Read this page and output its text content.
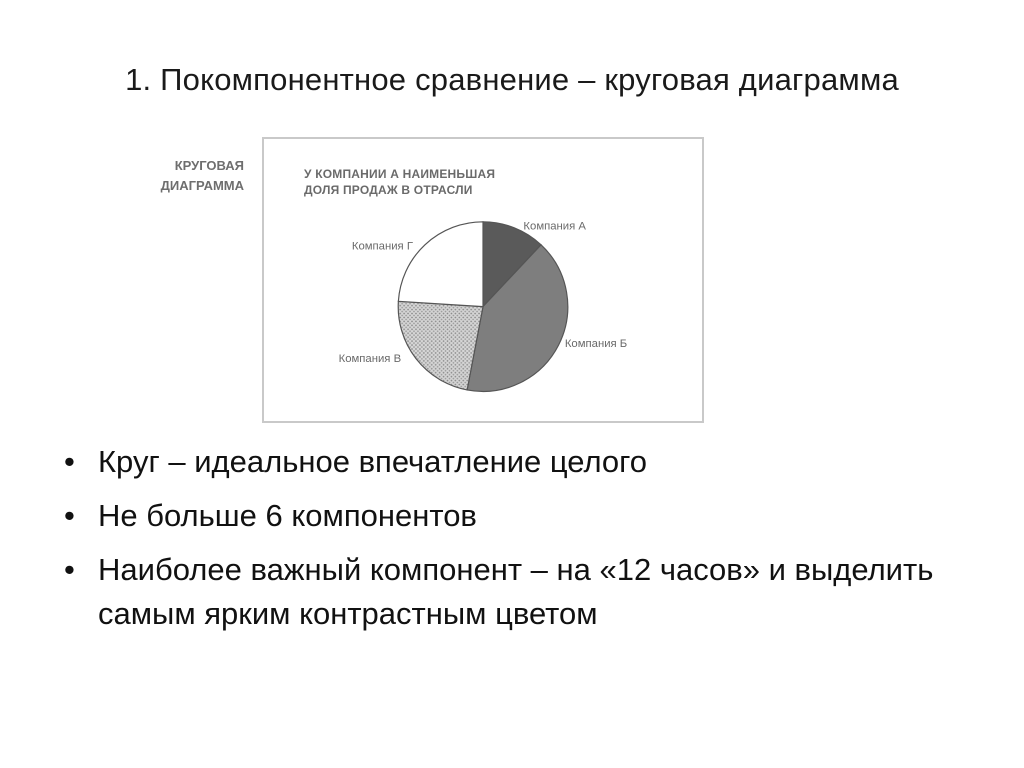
1. Покомпонентное сравнение – круговая диаграмма
КРУГОВАЯ
ДИАГРАММА
Компания А
Компания Б
Компания В
Компания Г
У КОМПАНИИ А НАИМЕНЬШАЯ
ДОЛЯ ПРОДАЖ В ОТРАСЛИ
• Круг – идеальное впечатление целого
• Не больше 6 компонентов
• Наиболее важный компонент – на «12 часов» и выделить самым ярким контрастным цветом
